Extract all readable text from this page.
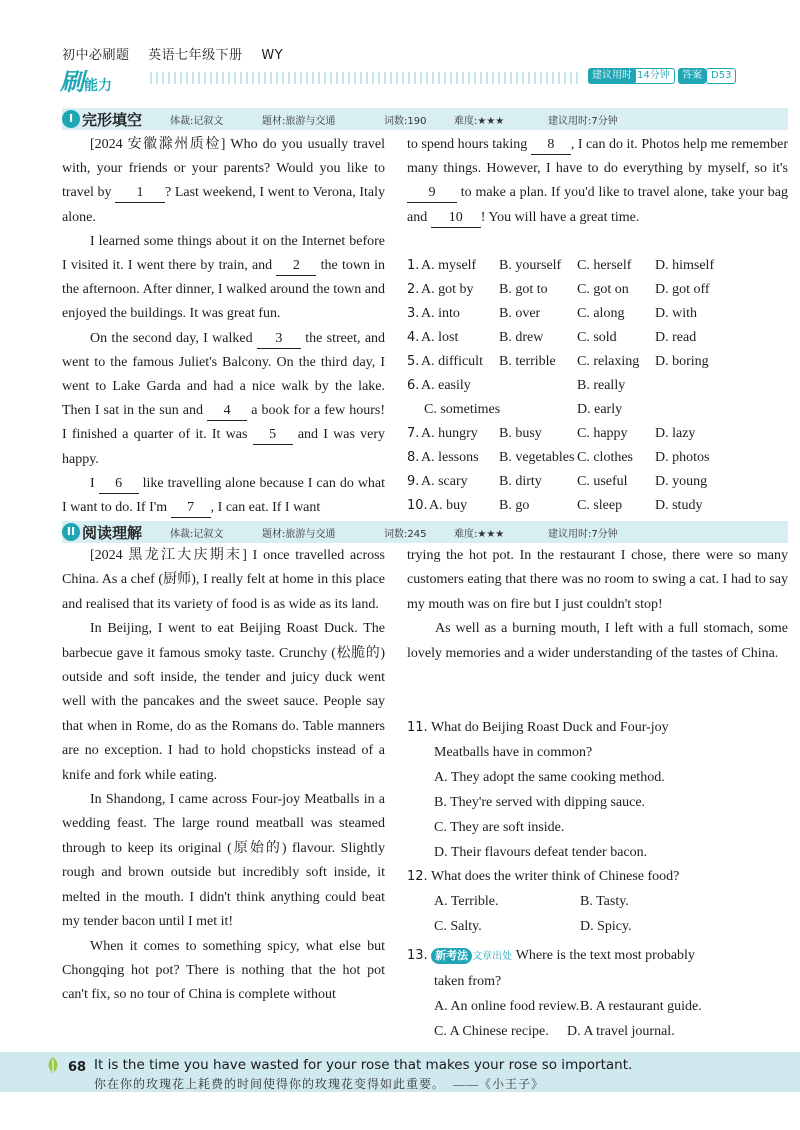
初中必刷题 英语七年级下册 WY
刷能力
建议用时 14分钟	答案 D53
I 完形填空	体裁:记叙文	题材:旅游与交通	词数:190	难度:★★★	建议用时:7分钟

[2024 安徽滁州质检] Who do you usually travel with, your friends or your parents? Would you like to travel by 1 ? Last weekend, I went to Verona, Italy alone.

I learned some things about it on the Internet before I visited it. I went there by train, and 2 the town in the afternoon. After dinner, I walked around the town and enjoyed the buildings. It was great fun.

On the second day, I walked 3 the street, and went to the famous Juliet's Balcony. On the third day, I went to Lake Garda and had a nice walk by the lake. Then I sat in the sun and 4 a book for a few hours! I finished a quarter of it. It was 5 and I was very happy.

I 6 like travelling alone because I can do what I want to do. If I'm 7 , I can eat. If I want

to spend hours taking 8 , I can do it. Photos help me remember many things. However, I have to do everything by myself, so it's 9 to make a plan. If you'd like to travel alone, take your bag and 10 ! You will have a great time.

1. A. myself B. yourself C. herself D. himself
2. A. got by B. got to C. got on D. got off
3. A. into	B. over	C. along D. with
4. A. lost	B. drew C. sold	D. read
5. A. difficult B. terrible C. relaxing D. boring
6. A. easily	B. really
C. sometimes	D. early
7. A. hungry B. busy	C. happy D. lazy
8. A. lessons B. vegetables C. clothes D. photos
9. A. scary B. dirty	C. useful D. young
10. A. buy B. go	C. sleep D. study
II 阅读理解	体裁:记叙文	题材:旅游与交通	词数:245	难度:★★★	建议用时:7分钟

[2024 黑龙江大庆期末] I once travelled across China. As a chef (厨师), I really felt at home in this place and realised that its variety of food is as wide as its land.

In Beijing, I went to eat Beijing Roast Duck. The barbecue gave it famous smoky taste. Crunchy (松脆的) outside and soft inside, the tender and juicy duck went well with the pancakes and the sweet sauce. People say that when in Rome, do as the Romans do. Table manners are no exception. I had to hold chopsticks instead of a knife and fork while eating.

In Shandong, I came across Four-joy Meatballs in a wedding feast. The large round meatball was steamed through to keep its original (原始的) flavour. Slightly rough and brown outside but incredibly soft inside, it melted in the mouth. I didn't think anything could beat my tender bacon until I met it!

When it comes to something spicy, what else but Chongqing hot pot? There is nothing that the hot pot can't fix, so no tour of China is complete without

trying the hot pot. In the restaurant I chose, there were so many customers eating that there was no room to swing a cat. I had to say my mouth was on fire but I just couldn't stop!

As well as a burning mouth, I left with a full stomach, some lovely memories and a wider understanding of the tastes of China.

11. What do Beijing Roast Duck and Four-joy
Meatballs have in common?
A. They adopt the same cooking method.
B. They're served with dipping sauce.
C. They are soft inside.
D. Their flavours defeat tender bacon.
12. What does the writer think of Chinese food?
A. Terrible.	B. Tasty.
C. Salty.	D. Spicy.
13. 新考法 文章出处 Where is the text most probably
taken from?
A. An online food review. B. A restaurant guide.
C. A Chinese recipe. D. A travel journal.
68 It is the time you have wasted for your rose that makes your rose so important.
你在你的玫瑰花上耗费的时间使得你的玫瑰花变得如此重要。 ——《小王子》
